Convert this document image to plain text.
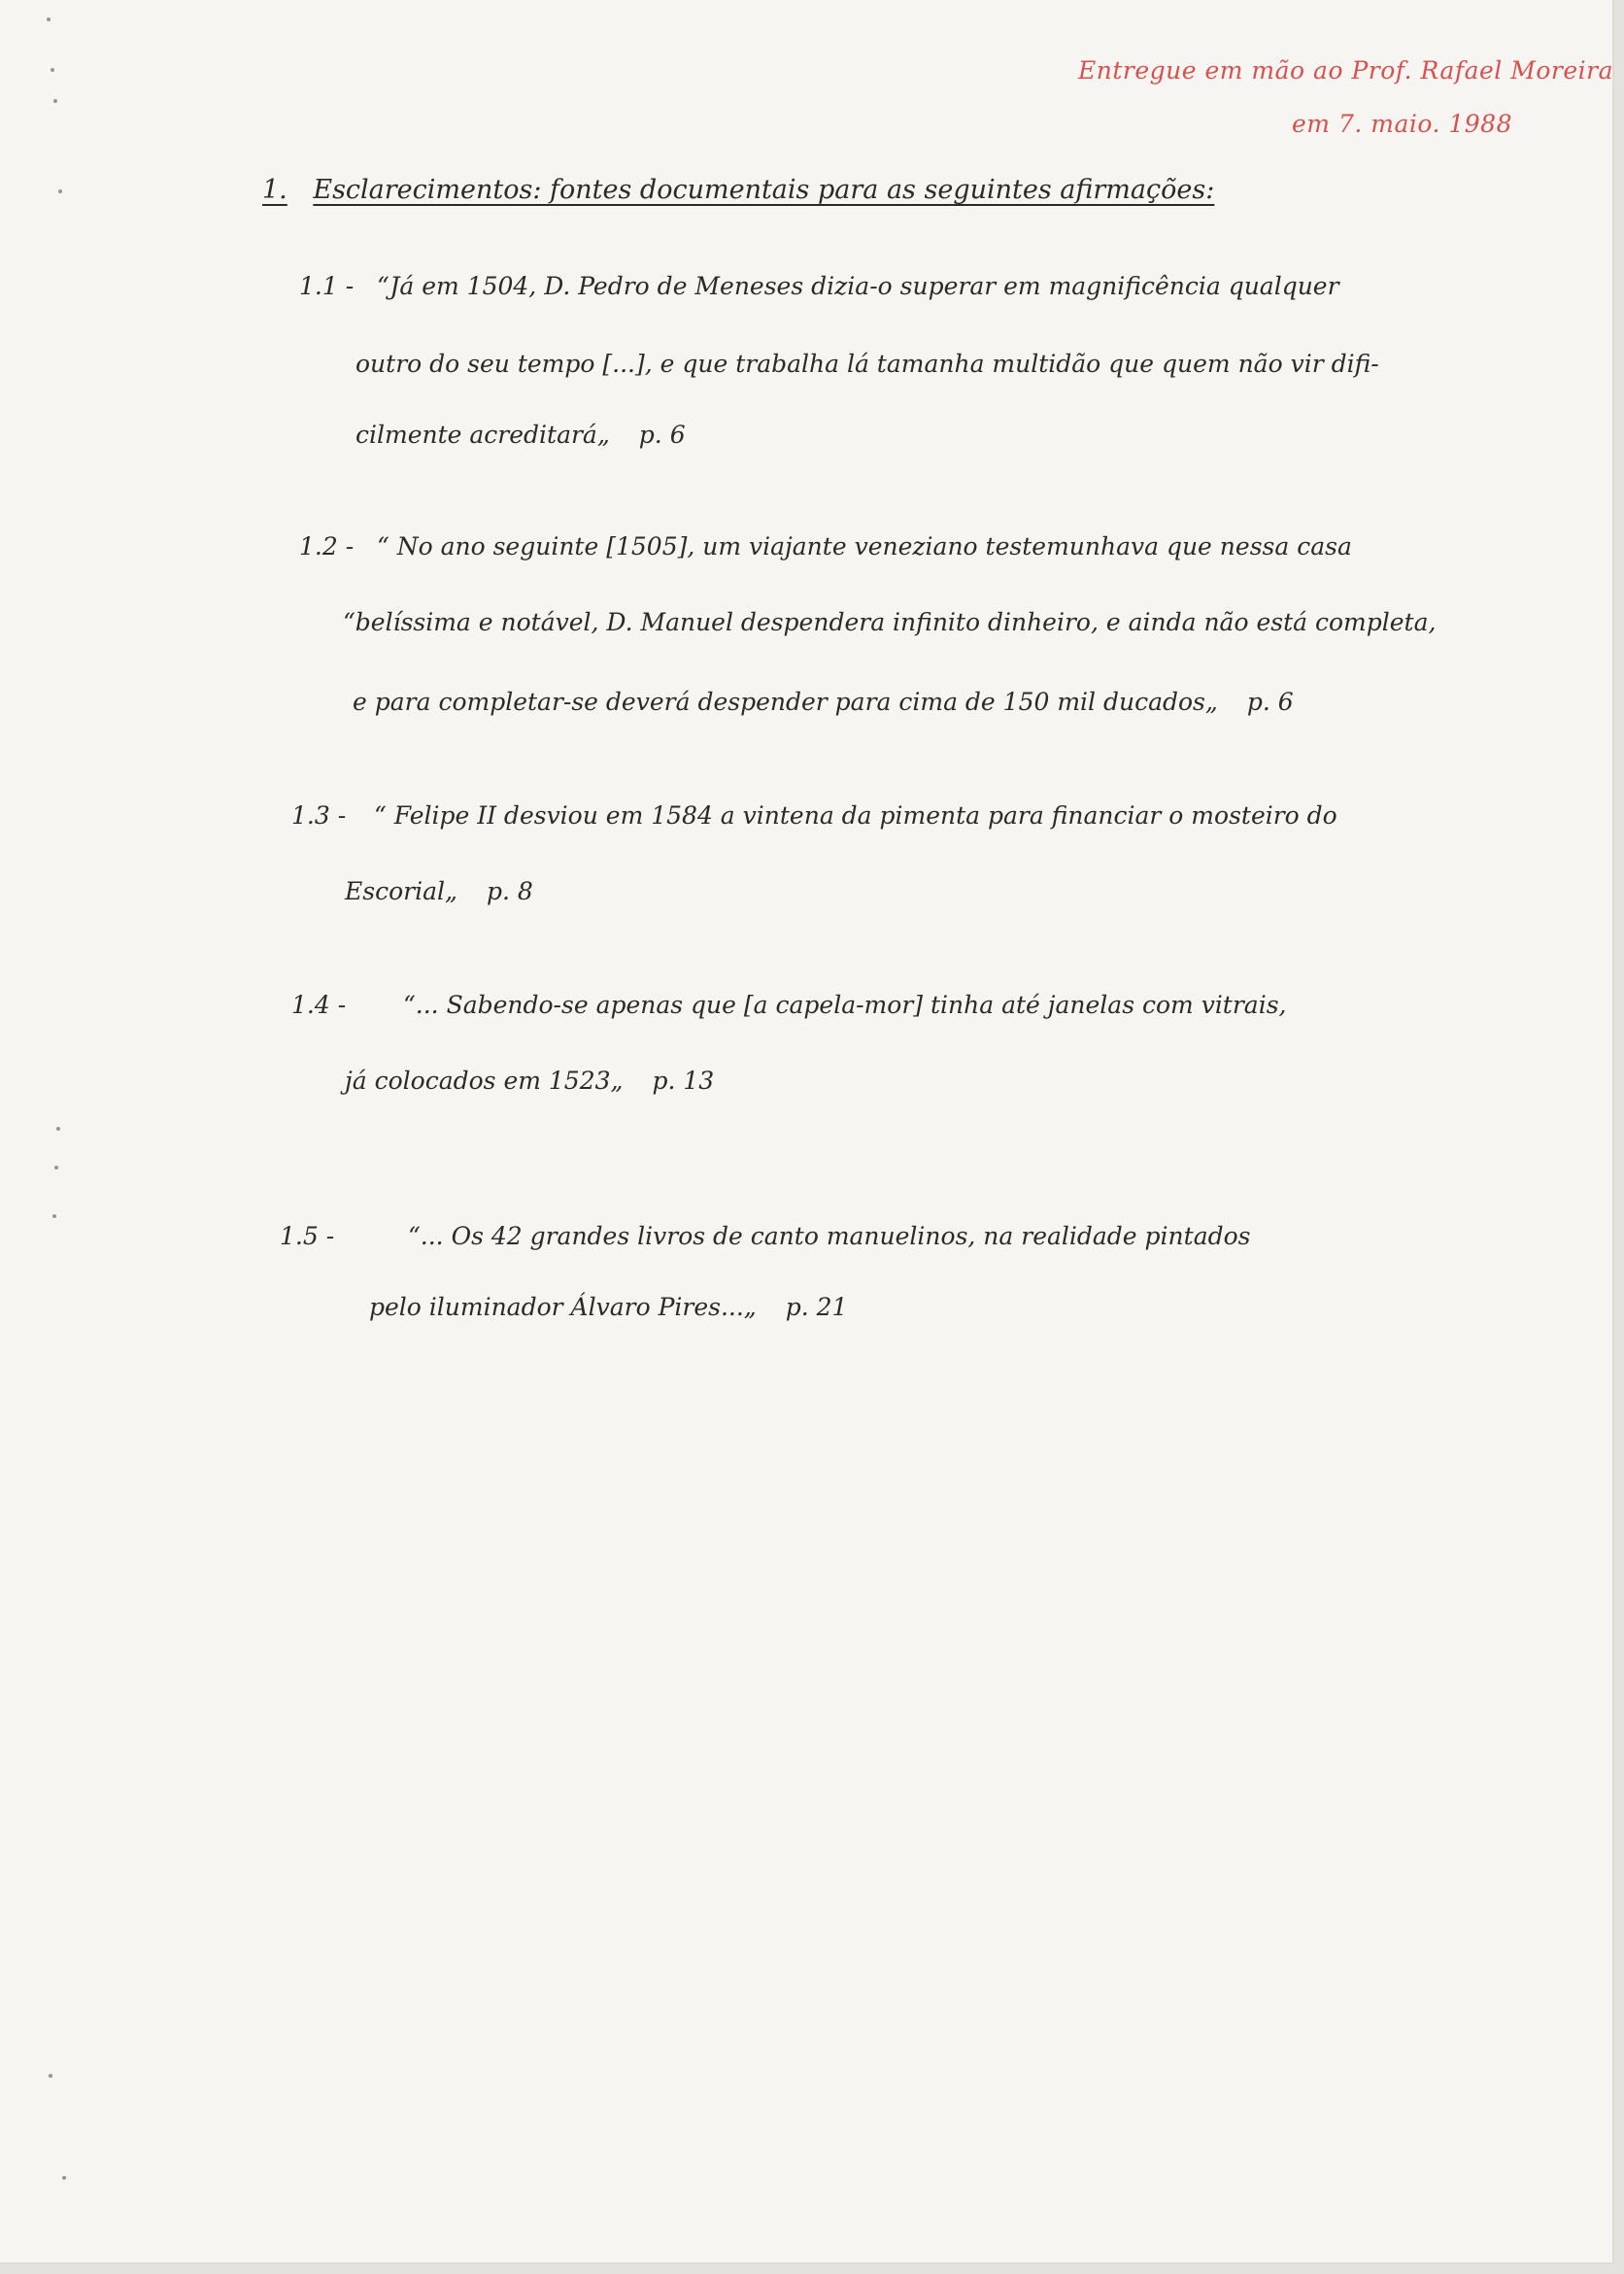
Entregue em mão ao Prof. Rafael Moreira
em 7. maio. 1988
1. Esclarecimentos: fontes documentais para as seguintes afirmações:
1.1 - “Já em 1504, D. Pedro de Meneses dizia-o superar em magnificência qualquer
outro do seu tempo [...], e que trabalha lá tamanha multidão que quem não vir difi-
cilmente acreditará„ p. 6
1.2 - “ No ano seguinte [1505], um viajante veneziano testemunhava que nessa casa
“belíssima e notável, D. Manuel despendera infinito dinheiro, e ainda não está completa,
e para completar-se deverá despender para cima de 150 mil ducados„ p. 6
1.3 - “ Felipe II desviou em 1584 a vintena da pimenta para financiar o mosteiro do
Escorial„ p. 8
1.4 - “... Sabendo-se apenas que [a capela-mor] tinha até janelas com vitrais,
já colocados em 1523„ p. 13
1.5 -	“... Os 42 grandes livros de canto manuelinos, na realidade pintados
pelo iluminador Álvaro Pires...„ p. 21
